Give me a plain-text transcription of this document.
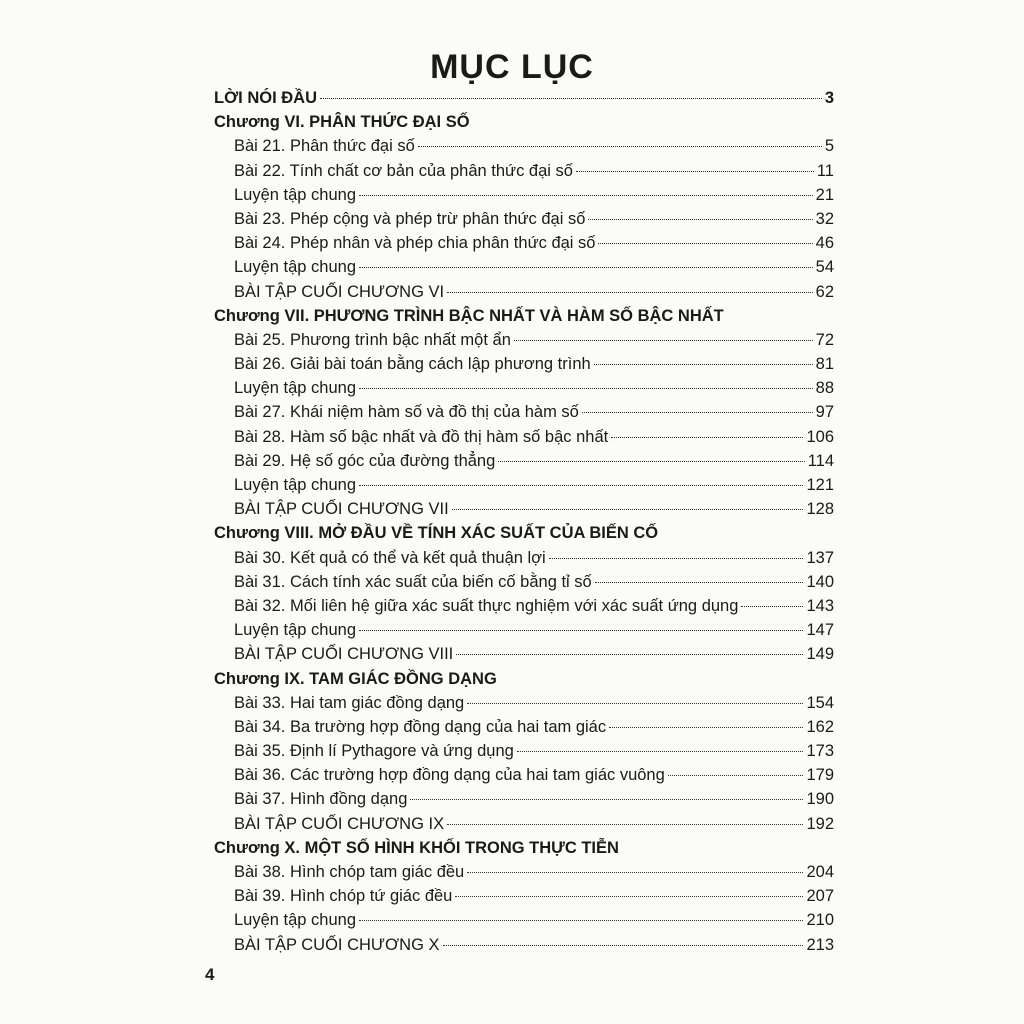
MỤC LỤC
LỜI NÓI ĐẦU	3
Chương VI. PHÂN THỨC ĐẠI SỐ
Bài 21. Phân thức đại số	5
Bài 22. Tính chất cơ bản của phân thức đại số	11
Luyện tập chung	21
Bài 23. Phép cộng và phép trừ phân thức đại số	32
Bài 24. Phép nhân và phép chia phân thức đại số	46
Luyện tập chung	54
BÀI TẬP CUỐI CHƯƠNG VI	62
Chương VII. PHƯƠNG TRÌNH BẬC NHẤT VÀ HÀM SỐ BẬC NHẤT
Bài 25. Phương trình bậc nhất một ẩn	72
Bài 26. Giải bài toán bằng cách lập phương trình	81
Luyện tập chung	88
Bài 27. Khái niệm hàm số và đồ thị của hàm số	97
Bài 28. Hàm số bậc nhất và đồ thị hàm số bậc nhất	106
Bài 29. Hệ số góc của đường thẳng	114
Luyện tập chung	121
BÀI TẬP CUỐI CHƯƠNG VII	128
Chương VIII. MỞ ĐẦU VỀ TÍNH XÁC SUẤT CỦA BIẾN CỐ
Bài 30. Kết quả có thể và kết quả thuận lợi	137
Bài 31. Cách tính xác suất của biến cố bằng tỉ số	140
Bài 32. Mối liên hệ giữa xác suất thực nghiệm với xác suất ứng dụng	143
Luyện tập chung	147
BÀI TẬP CUỐI CHƯƠNG VIII	149
Chương IX. TAM GIÁC ĐỒNG DẠNG
Bài 33. Hai tam giác đồng dạng	154
Bài 34. Ba trường hợp đồng dạng của hai tam giác	162
Bài 35. Định lí Pythagore và ứng dụng	173
Bài 36. Các trường hợp đồng dạng của hai tam giác vuông	179
Bài 37. Hình đồng dạng	190
BÀI TẬP CUỐI CHƯƠNG IX	192
Chương X. MỘT SỐ HÌNH KHỐI TRONG THỰC TIỄN
Bài 38. Hình chóp tam giác đều	204
Bài 39. Hình chóp tứ giác đều	207
Luyện tập chung	210
BÀI TẬP CUỐI CHƯƠNG X	213
4
